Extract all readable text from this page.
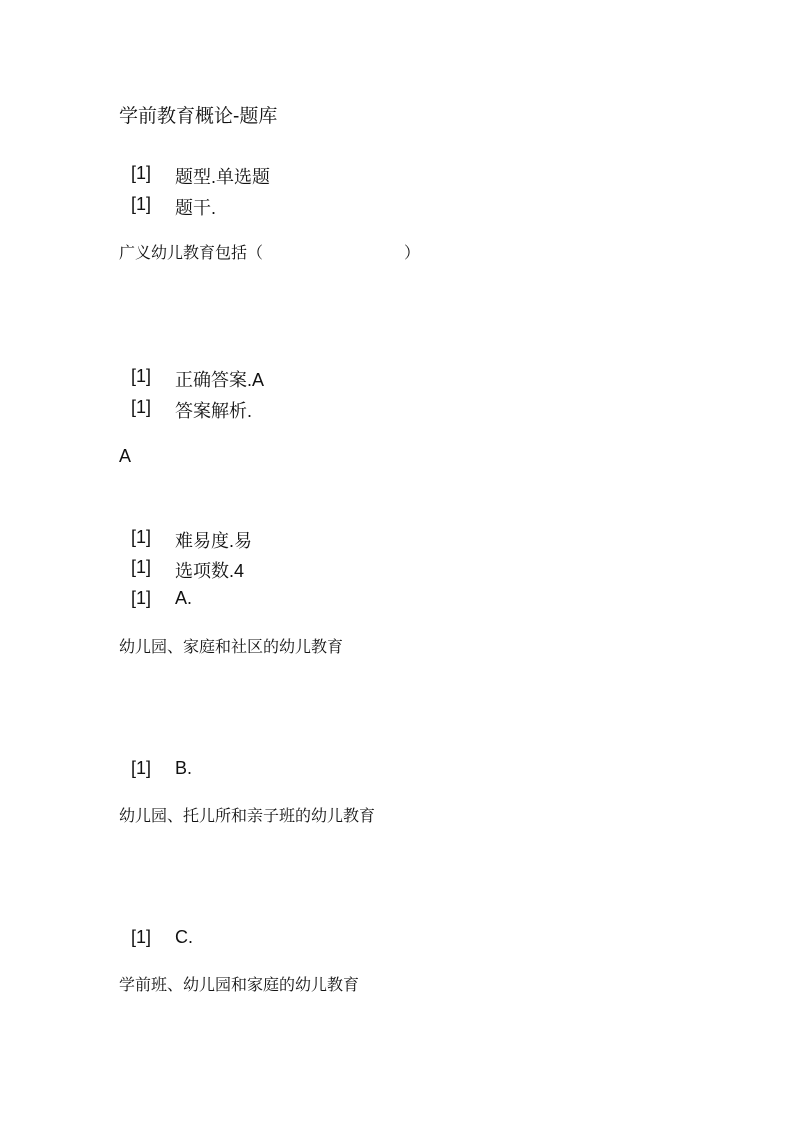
学前教育概论-题库
[1] 题型.单选题
[1] 题干.
广义幼儿教育包括（	）
[1] 正确答案.A
[1] 答案解析.
A
[1] 难易度.易
[1] 选项数.4
[1] A.
幼儿园、家庭和社区的幼儿教育
[1] B.
幼儿园、托儿所和亲子班的幼儿教育
[1] C.
学前班、幼儿园和家庭的幼儿教育
